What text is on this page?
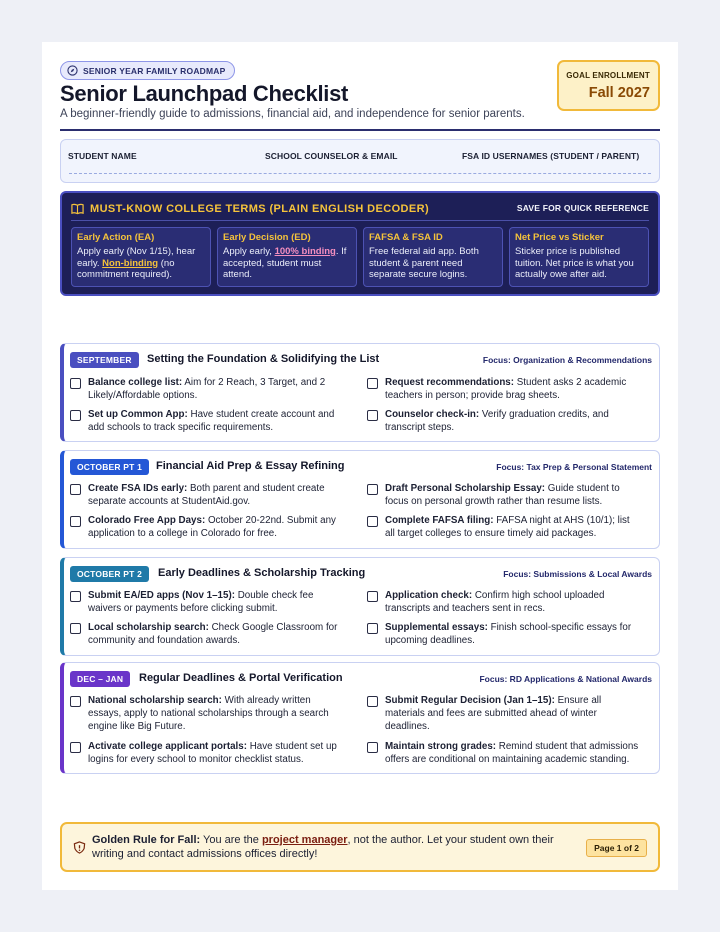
SENIOR YEAR FAMILY ROADMAP
Senior Launchpad Checklist
A beginner-friendly guide to admissions, financial aid, and independence for senior parents.
GOAL ENROLLMENT
Fall 2027
STUDENT NAME	SCHOOL COUNSELOR & EMAIL	FSA ID USERNAMES (STUDENT / PARENT)
MUST-KNOW COLLEGE TERMS (PLAIN ENGLISH DECODER)	SAVE FOR QUICK REFERENCE
Early Action (EA)
Apply early (Nov 1/15), hear early. Non-binding (no commitment required).
Early Decision (ED)
Apply early, 100% binding. If accepted, student must attend.
FAFSA & FSA ID
Free federal aid app. Both student & parent need separate secure logins.
Net Price vs Sticker
Sticker price is published tuition. Net price is what you actually owe after aid.
SEPTEMBER	Setting the Foundation & Solidifying the List	Focus: Organization & Recommendations
Balance college list: Aim for 2 Reach, 3 Target, and 2 Likely/Affordable options.
Request recommendations: Student asks 2 academic teachers in person; provide brag sheets.
Set up Common App: Have student create account and add schools to track specific requirements.
Counselor check-in: Verify graduation credits, and transcript steps.
OCTOBER PT 1	Financial Aid Prep & Essay Refining	Focus: Tax Prep & Personal Statement
Create FSA IDs early: Both parent and student create separate accounts at StudentAid.gov.
Draft Personal Scholarship Essay: Guide student to focus on personal growth rather than resume lists.
Colorado Free App Days: October 20-22nd. Submit any application to a college in Colorado for free.
Complete FAFSA filing: FAFSA night at AHS (10/1); list all target colleges to ensure timely aid packages.
OCTOBER PT 2	Early Deadlines & Scholarship Tracking	Focus: Submissions & Local Awards
Submit EA/ED apps (Nov 1–15): Double check fee waivers or payments before clicking submit.
Application check: Confirm high school uploaded transcripts and teachers sent in recs.
Local scholarship search: Check Google Classroom for community and foundation awards.
Supplemental essays: Finish school-specific essays for upcoming deadlines.
DEC – JAN	Regular Deadlines & Portal Verification	Focus: RD Applications & National Awards
National scholarship search: With already written essays, apply to national scholarships through a search engine like Big Future.
Submit Regular Decision (Jan 1–15): Ensure all materials and fees are submitted ahead of winter deadlines.
Activate college applicant portals: Have student set up logins for every school to monitor checklist status.
Maintain strong grades: Remind student that admissions offers are conditional on maintaining academic standing.
Golden Rule for Fall: You are the project manager, not the author. Let your student own their writing and contact admissions offices directly!	Page 1 of 2
